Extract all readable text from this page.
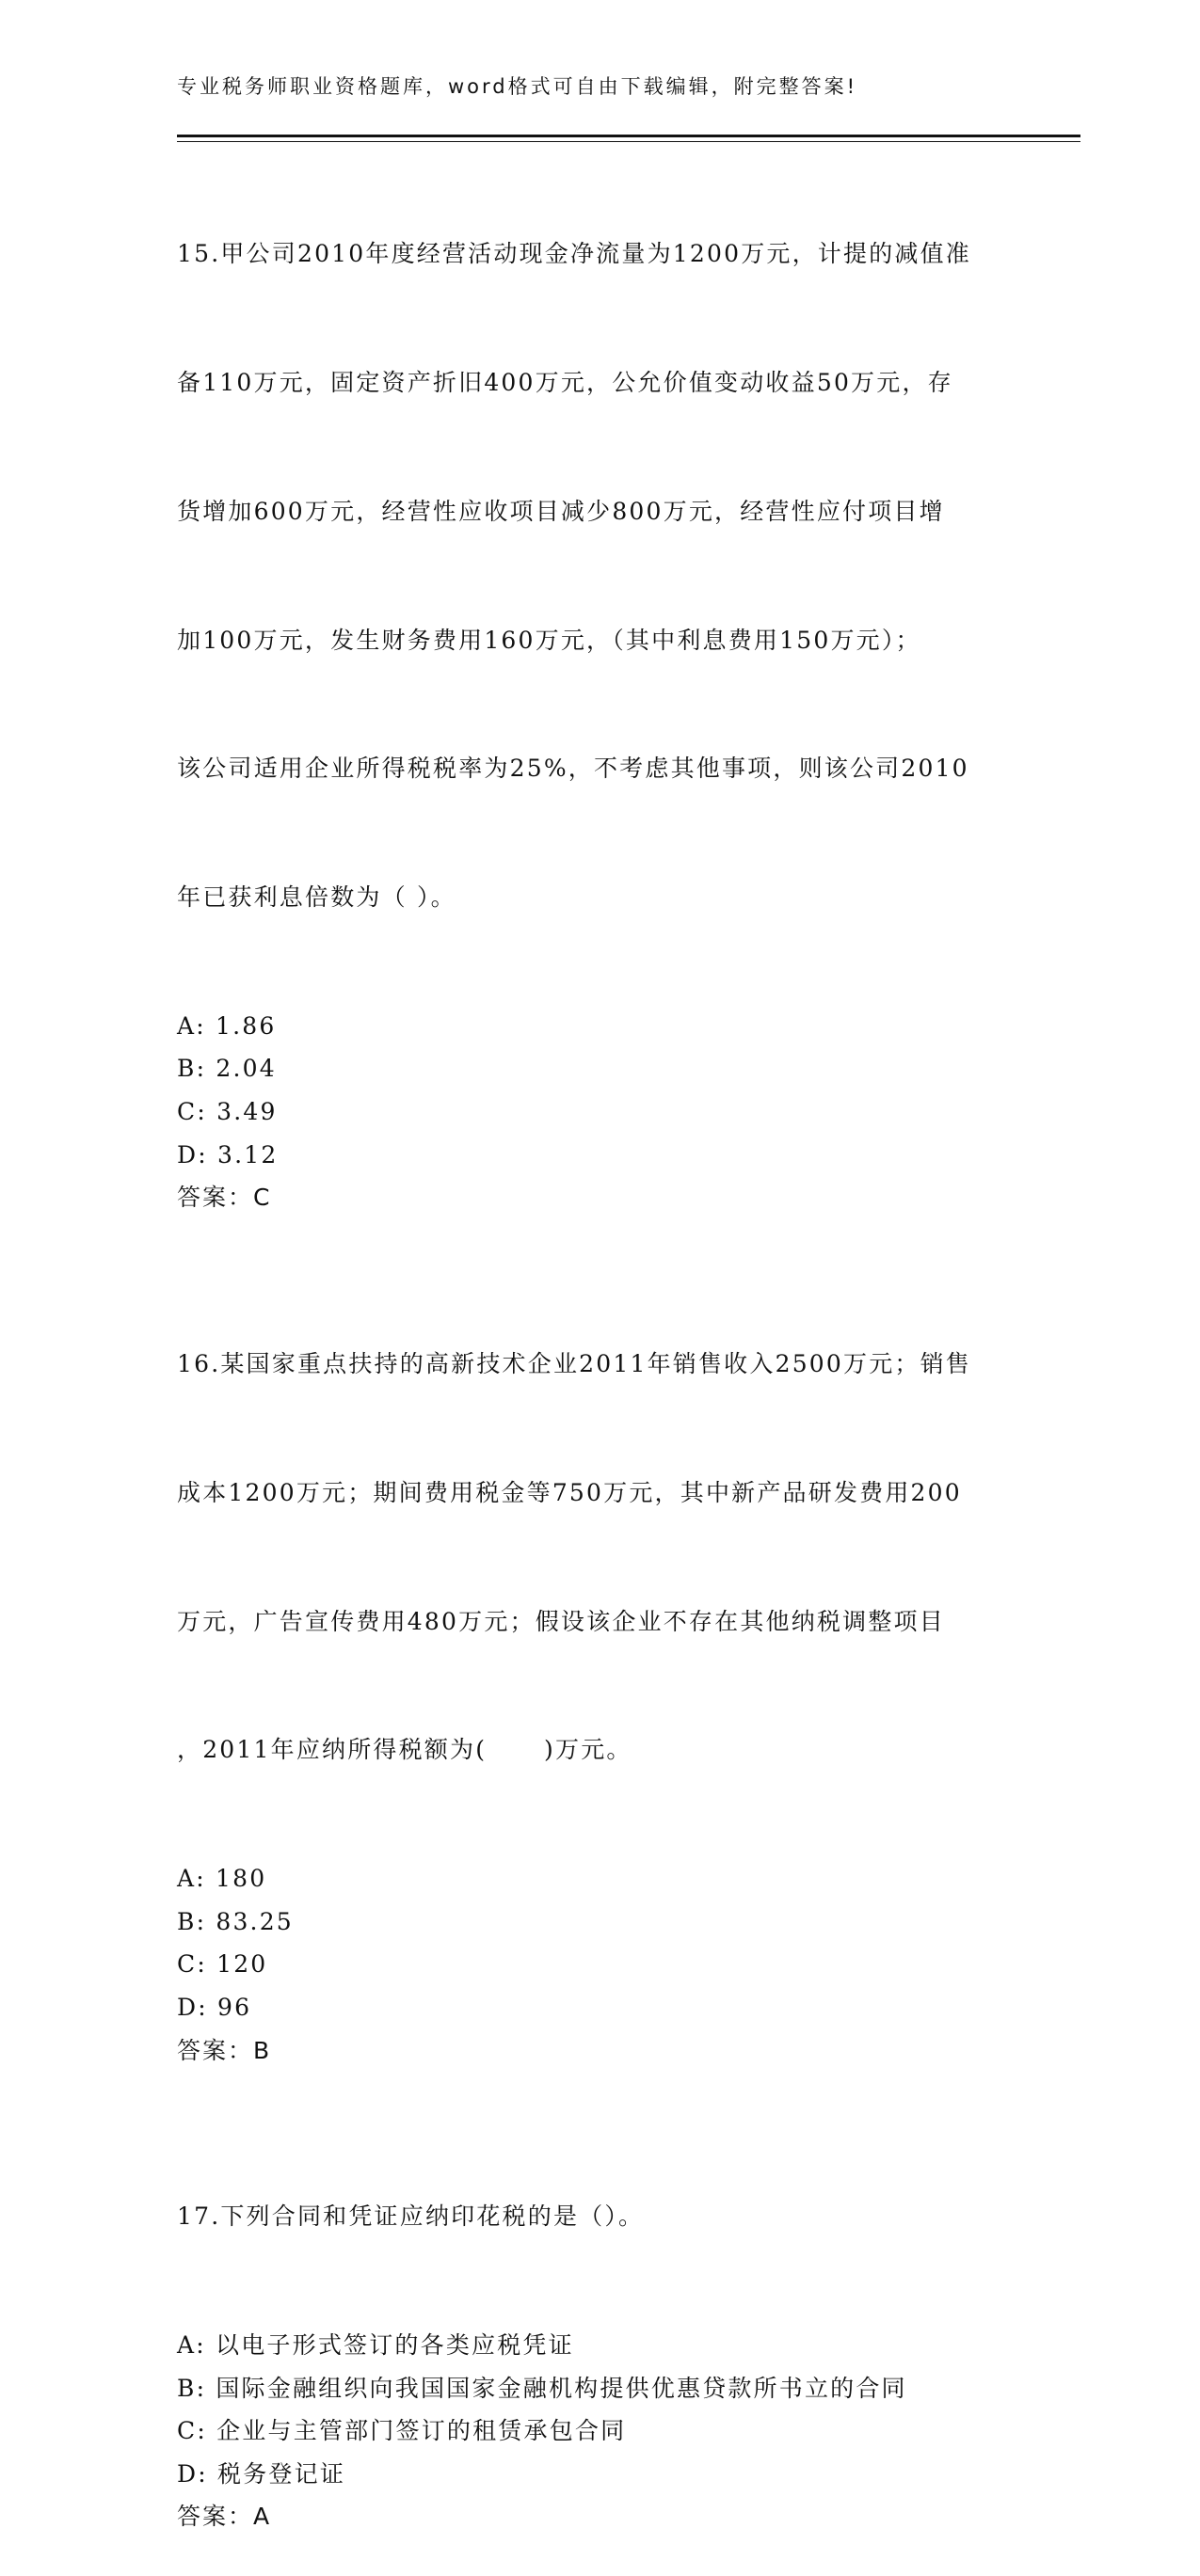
专业税务师职业资格题库，word格式可自由下载编辑，附完整答案!

15.甲公司2010年度经营活动现金净流量为1200万元，计提的减值准

备110万元，固定资产折旧400万元，公允价值变动收益50万元，存

货增加600万元，经营性应收项目减少800万元，经营性应付项目增

加100万元，发生财务费用160万元，（其中利息费用150万元）；

该公司适用企业所得税税率为25%，不考虑其他事项，则该公司2010

年已获利息倍数为（ ）。

A: 1.86
B: 2.04
C: 3.49
D: 3.12
答案：C

16.某国家重点扶持的高新技术企业2011年销售收入2500万元；销售

成本1200万元；期间费用税金等750万元，其中新产品研发费用200

万元，广告宣传费用480万元；假设该企业不存在其他纳税调整项目

，2011年应纳所得税额为(      )万元。

A: 180
B: 83.25
C: 120
D: 96
答案：B

17.下列合同和凭证应纳印花税的是（）。

A: 以电子形式签订的各类应税凭证
B: 国际金融组织向我国国家金融机构提供优惠贷款所书立的合同
C: 企业与主管部门签订的租赁承包合同
D: 税务登记证
答案：A
